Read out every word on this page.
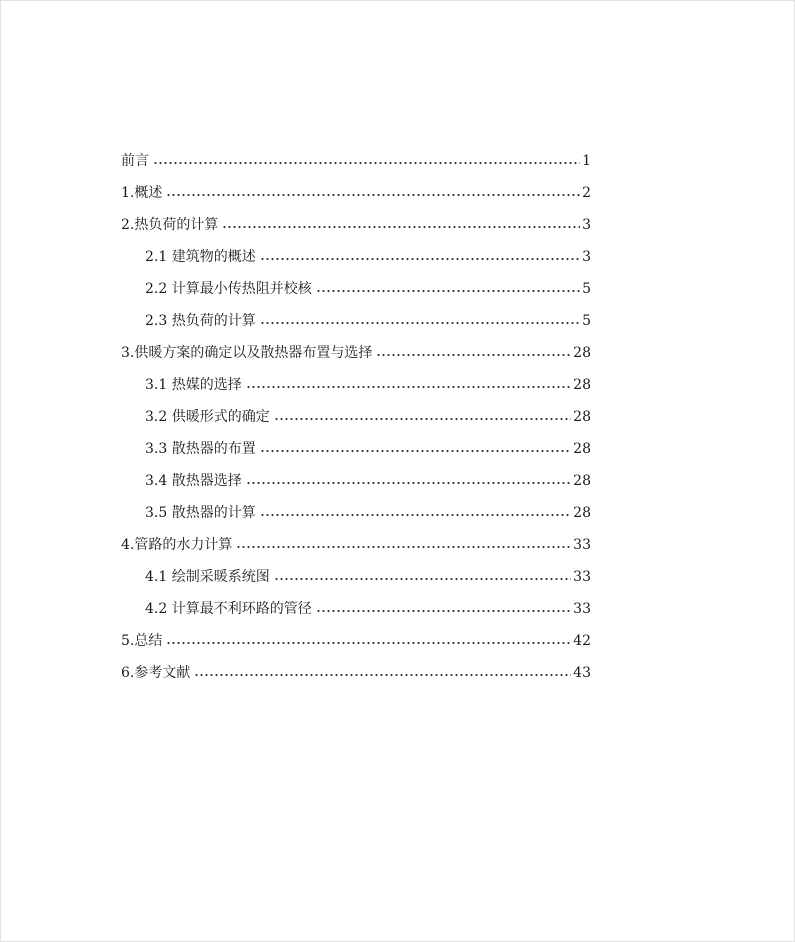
前言	1
1.概述	2
2.热负荷的计算	3
2.1 建筑物的概述	3
2.2 计算最小传热阻并校核	5
2.3 热负荷的计算	5
3.供暖方案的确定以及散热器布置与选择	28
3.1 热媒的选择	28
3.2 供暖形式的确定	28
3.3 散热器的布置	28
3.4 散热器选择	28
3.5 散热器的计算	28
4.管路的水力计算	33
4.1 绘制采暖系统图	33
4.2 计算最不利环路的管径	33
5.总结	42
6.参考文献	43
